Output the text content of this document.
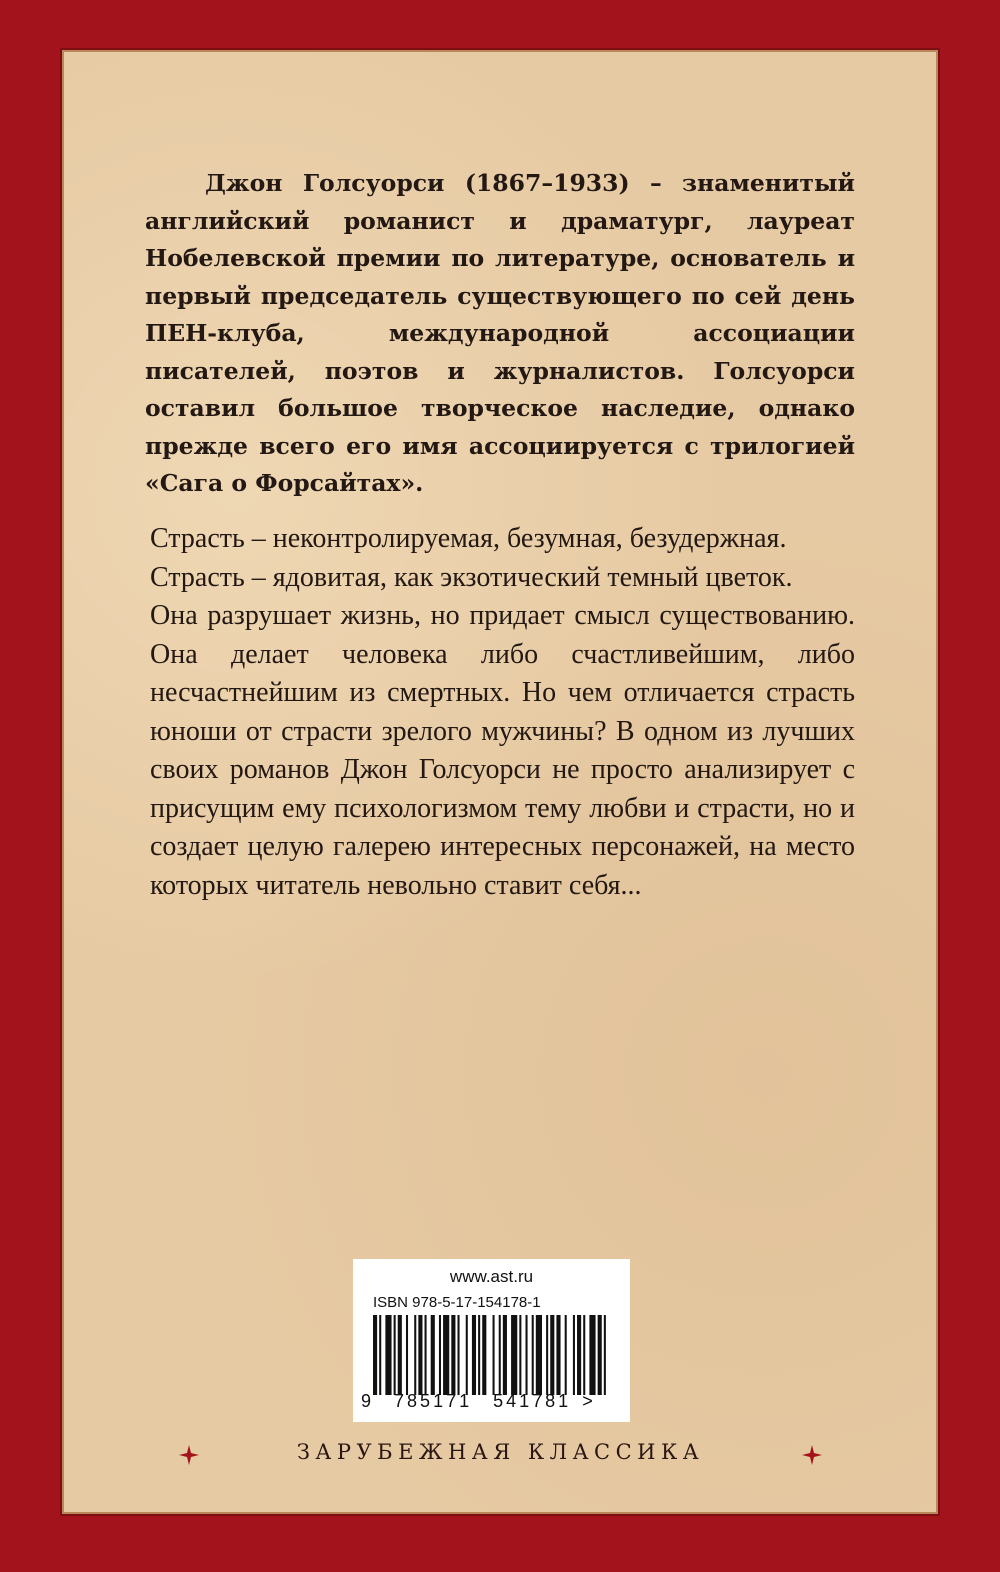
Джон Голсуорси (1867–1933) – знаменитый английский романист и драматург, лауреат Нобелевской премии по литературе, основатель и первый председатель существующего по сей день ПЕН-клуба, международной ассоциации писателей, поэтов и журналистов. Голсуорси оставил большое творческое наследие, однако прежде всего его имя ассоциируется с трилогией «Сага о Форсайтах».

Страсть – неконтролируемая, безумная, безудержная.

Страсть – ядовитая, как экзотический темный цветок.

Она разрушает жизнь, но придает смысл существованию. Она делает человека либо счастливейшим, либо несчастнейшим из смертных. Но чем отличается страсть юноши от страсти зрелого мужчины? В одном из лучших своих романов Джон Голсуорси не просто анализирует с присущим ему психологизмом тему любви и страсти, но и создает целую галерею интересных персонажей, на место которых читатель невольно ставит себя...

www.ast.ru
ISBN 978-5-17-154178-1
9 785171 541781 >
ЗАРУБЕЖНАЯ КЛАССИКА
